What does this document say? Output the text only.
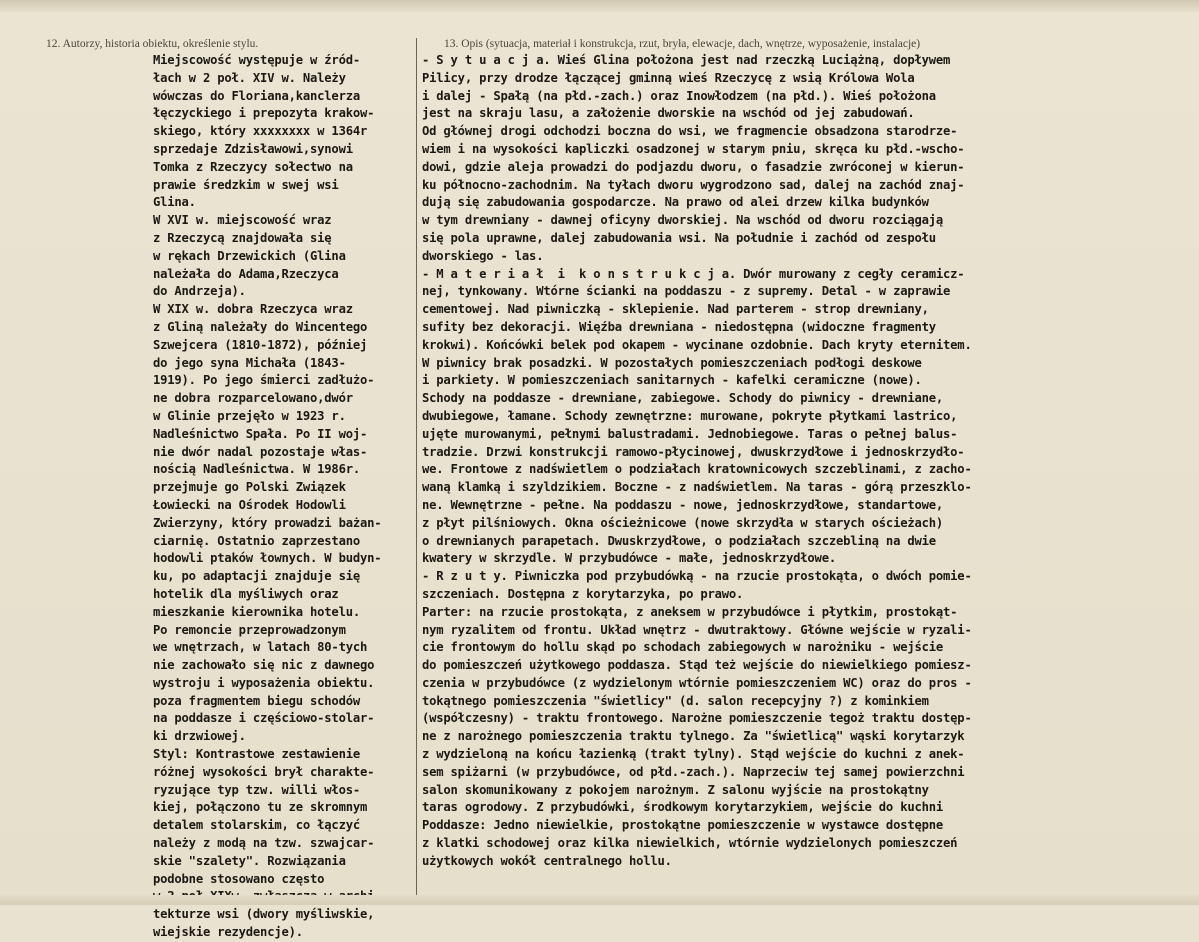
12. Autorzy, historia obiektu, określenie stylu.	13. Opis (sytuacja, materiał i konstrukcja, rzut, bryła, elewacje, dach, wnętrze, wyposażenie, instalacje)
Miejscowość występuje w źród-
łach w 2 poł. XIV w. Należy
wówczas do Floriana,kanclerza
łęczyckiego i prepozyta krakow-
skiego, który xxxxxxxx w 1364r
sprzedaje Zdzisławowi,synowi
Tomka z Rzeczycy sołectwo na
prawie średzkim w swej wsi
Glina.
W XVI w. miejscowość wraz
z Rzeczycą znajdowała się
w rękach Drzewickich (Glina
należała do Adama,Rzeczyca
do Andrzeja).
W XIX w. dobra Rzeczyca wraz
z Gliną należały do Wincentego
Szwejcera (1810-1872), później
do jego syna Michała (1843-
1919). Po jego śmierci zadłużo-
ne dobra rozparcelowano,dwór
w Glinie przejęło w 1923 r.
Nadleśnictwo Spała. Po II woj-
nie dwór nadal pozostaje włas-
nością Nadleśnictwa. W 1986r.
przejmuje go Polski Związek
Łowiecki na Ośrodek Hodowli
Zwierzyny, który prowadzi bażan-
ciarnię. Ostatnio zaprzestano
hodowli ptaków łownych. W budyn-
ku, po adaptacji znajduje się
hotelik dla myśliwych oraz
mieszkanie kierownika hotelu.
Po remoncie przeprowadzonym
we wnętrzach, w latach 80-tych
nie zachowało się nic z dawnego
wystroju i wyposażenia obiektu.
poza fragmentem biegu schodów
na poddasze i częściowo-stolar-
ki drzwiowej.
Styl: Kontrastowe zestawienie
różnej wysokości brył charakte-
ryzujące typ tzw. willi włos-
kiej, połączono tu ze skromnym
detalem stolarskim, co łączyć
należy z modą na tzw. szwajcar-
skie "szalety". Rozwiązania
podobne stosowano często
tekturze wsi (dwory myśliwskie,
wiejskie rezydencje).
- S y t u a c j a. Wieś Glina położona jest nad rzeczką Luciążną, dopływem
Pilicy, przy drodze łączącej gminną wieś Rzeczycę z wsią Królowa Wola
i dalej - Spałą (na płd.-zach.) oraz Inowłodzem (na płd.). Wieś położona
jest na skraju lasu, a założenie dworskie na wschód od jej zabudowań.
Od głównej drogi odchodzi boczna do wsi, we fragmencie obsadzona starodrze-
wiem i na wysokości kapliczki osadzonej w starym pniu, skręca ku płd.-wscho-
dowi, gdzie aleja prowadzi do podjazdu dworu, o fasadzie zwróconej w kierun-
ku północno-zachodnim. Na tyłach dworu wygrodzono sad, dalej na zachód znaj-
dują się zabudowania gospodarcze. Na prawo od alei drzew kilka budynków
w tym drewniany - dawnej oficyny dworskiej. Na wschód od dworu rozciągają
się pola uprawne, dalej zabudowania wsi. Na południe i zachód od zespołu
dworskiego - las.
- M a t e r i a ł  i  k o n s t r u k c j a. Dwór murowany z cegły ceramicz-
nej, tynkowany. Wtórne ścianki na poddaszu - z supremy. Detal - w zaprawie
cementowej. Nad piwniczką - sklepienie. Nad parterem - strop drewniany,
sufity bez dekoracji. Więźba drewniana - niedostępna (widoczne fragmenty
krokwi). Końcówki belek pod okapem - wycinane ozdobnie. Dach kryty eternitem.
W piwnicy brak posadzki. W pozostałych pomieszczeniach podłogi deskowe
i parkiety. W pomieszczeniach sanitarnych - kafelki ceramiczne (nowe).
Schody na poddasze - drewniane, zabiegowe. Schody do piwnicy - drewniane,
dwubiegowe, łamane. Schody zewnętrzne: murowane, pokryte płytkami lastrico,
ujęte murowanymi, pełnymi balustradami. Jednobiegowe. Taras o pełnej balus-
tradzie. Drzwi konstrukcji ramowo-płycinowej, dwuskrzydłowe i jednoskrzydło-
we. Frontowe z nadświetlem o podziałach kratownicowych szczeblinami, z zacho-
waną klamką i szyldzikiem. Boczne - z nadświetlem. Na taras - górą przeszklo-
ne. Wewnętrzne - pełne. Na poddaszu - nowe, jednoskrzydłowe, standartowe,
z płyt pilśniowych. Okna ościeżnicowe (nowe skrzydła w starych ościeżach)
o drewnianych parapetach. Dwuskrzydłowe, o podziałach szczebliną na dwie
kwatery w skrzydle. W przybudówce - małe, jednoskrzydłowe.
- R z u t y. Piwniczka pod przybudówką - na rzucie prostokąta, o dwóch pomie-
szczeniach. Dostępna z korytarzyka, po prawo.
Parter: na rzucie prostokąta, z aneksem w przybudówce i płytkim, prostokąt-
nym ryzalitem od frontu. Układ wnętrz - dwutraktowy. Główne wejście w ryzali-
cie frontowym do hollu skąd po schodach zabiegowych w narożniku - wejście
do pomieszczeń użytkowego poddasza. Stąd też wejście do niewielkiego pomiesz-
czenia w przybudówce (z wydzielonym wtórnie pomieszczeniem WC) oraz do pros -
tokątnego pomieszczenia "świetlicy" (d. salon recepcyjny ?) z kominkiem
(współczesny) - traktu frontowego. Narożne pomieszczenie tegoż traktu dostęp-
ne z narożnego pomieszczenia traktu tylnego. Za "świetlicą" wąski korytarzyk
z wydzieloną na końcu łazienką (trakt tylny). Stąd wejście do kuchni z anek-
sem spiżarni (w przybudówce, od płd.-zach.). Naprzeciw tej samej powierzchni
salon skomunikowany z pokojem narożnym. Z salonu wyjście na prostokątny
taras ogrodowy. Z przybudówki, środkowym korytarzykiem, wejście do kuchni
Poddasze: Jedno niewielkie, prostokątne pomieszczenie w wystawce dostępne
z klatki schodowej oraz kilka niewielkich, wtórnie wydzielonych pomieszczeń
użytkowych wokół centralnego hollu.
